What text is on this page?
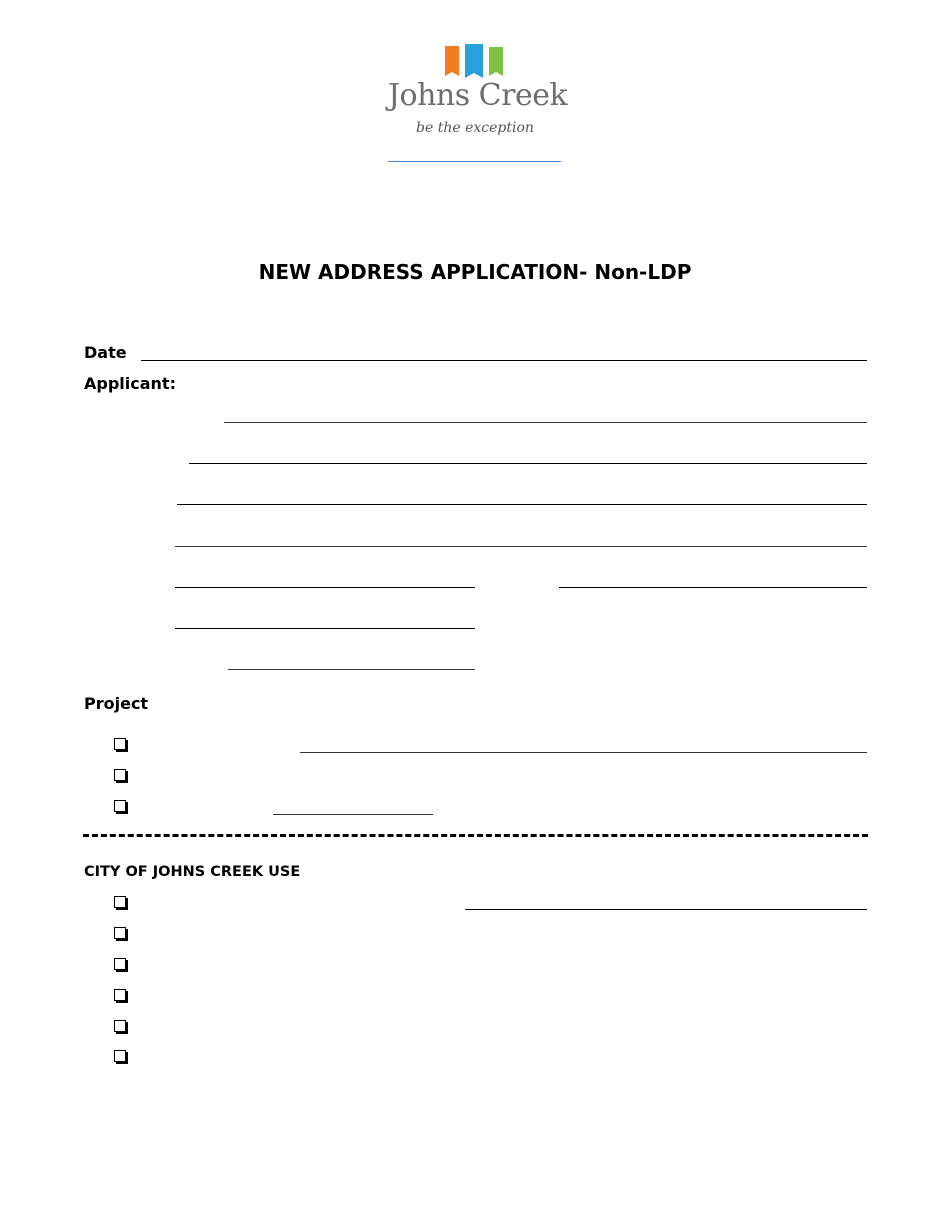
Johns Creek
be the exception
NEW ADDRESS APPLICATION- Non-LDP
Date
Applicant:
Project
CITY OF JOHNS CREEK USE
